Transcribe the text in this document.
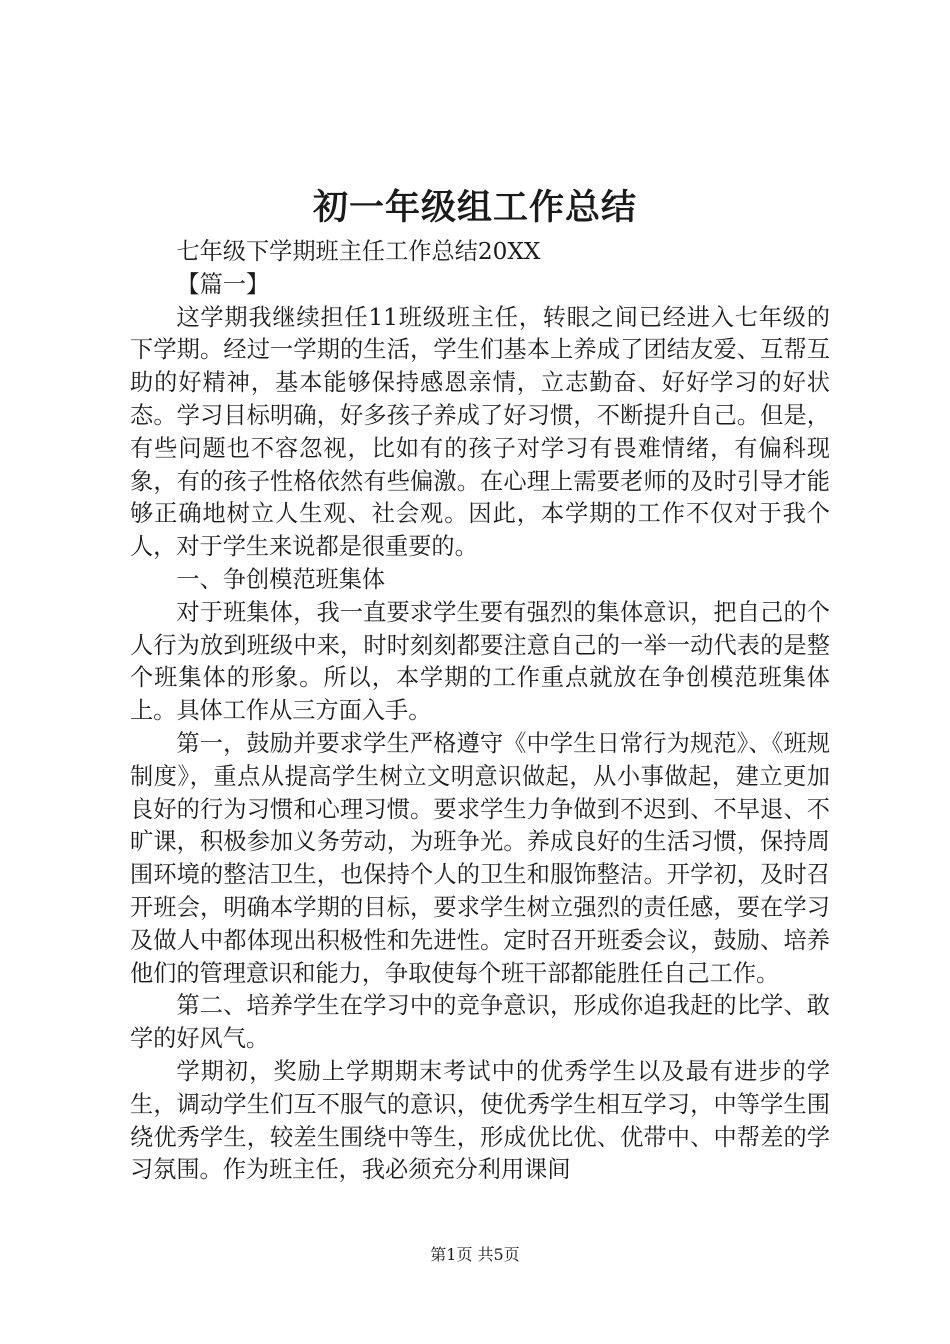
初一年级组工作总结

七年级下学期班主任工作总结20XX

【篇一】

这学期我继续担任11班级班主任，转眼之间已经进入七年级的下学期。经过一学期的生活，学生们基本上养成了团结友爱、互帮互助的好精神，基本能够保持感恩亲情，立志勤奋、好好学习的好状态。学习目标明确，好多孩子养成了好习惯，不断提升自己。但是，有些问题也不容忽视，比如有的孩子对学习有畏难情绪，有偏科现象，有的孩子性格依然有些偏激。在心理上需要老师的及时引导才能够正确地树立人生观、社会观。因此，本学期的工作不仅对于我个人，对于学生来说都是很重要的。

一、争创模范班集体

对于班集体，我一直要求学生要有强烈的集体意识，把自己的个人行为放到班级中来，时时刻刻都要注意自己的一举一动代表的是整个班集体的形象。所以，本学期的工作重点就放在争创模范班集体上。具体工作从三方面入手。

第一，鼓励并要求学生严格遵守《中学生日常行为规范》、《班规制度》，重点从提高学生树立文明意识做起，从小事做起，建立更加良好的行为习惯和心理习惯。要求学生力争做到不迟到、不早退、不旷课，积极参加义务劳动，为班争光。养成良好的生活习惯，保持周围环境的整洁卫生，也保持个人的卫生和服饰整洁。开学初，及时召开班会，明确本学期的目标，要求学生树立强烈的责任感，要在学习及做人中都体现出积极性和先进性。定时召开班委会议，鼓励、培养他们的管理意识和能力，争取使每个班干部都能胜任自己工作。

第二、培养学生在学习中的竞争意识，形成你追我赶的比学、敢学的好风气。

学期初，奖励上学期期末考试中的优秀学生以及最有进步的学生，调动学生们互不服气的意识，使优秀学生相互学习，中等学生围绕优秀学生，较差生围绕中等生，形成优比优、优带中、中帮差的学习氛围。作为班主任，我必须充分利用课间

第1页 共5页
